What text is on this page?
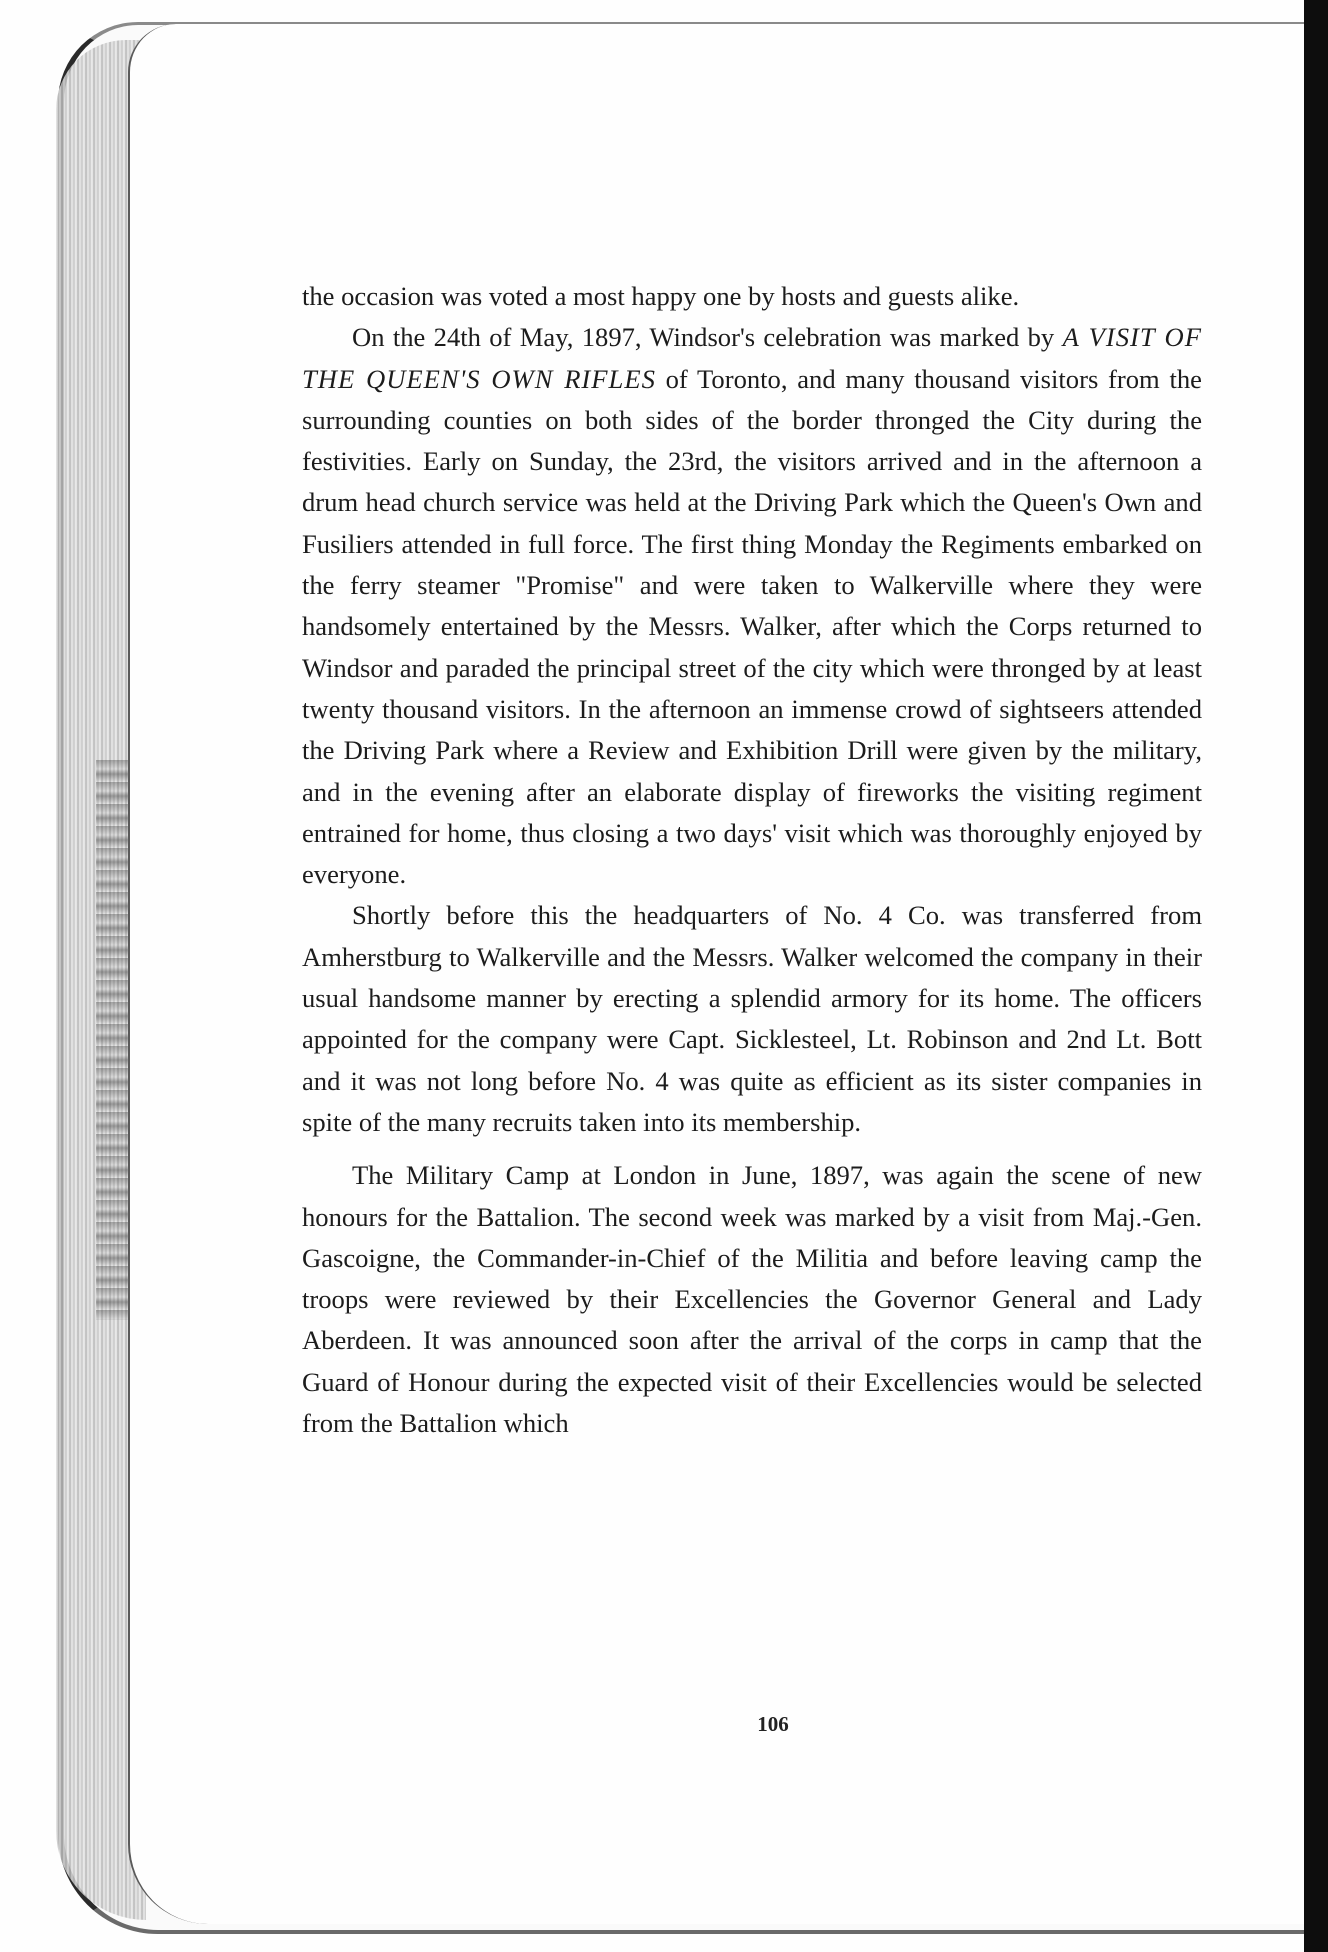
the occasion was voted a most happy one by hosts and guests alike.

On the 24th of May, 1897, Windsor's celebration was marked by A VISIT OF THE QUEEN'S OWN RIFLES of Toronto, and many thousand visitors from the surrounding counties on both sides of the border thronged the City during the festivities. Early on Sunday, the 23rd, the visitors arrived and in the afternoon a drum head church service was held at the Driving Park which the Queen's Own and Fusiliers attended in full force. The first thing Monday the Regiments embarked on the ferry steamer "Promise" and were taken to Walkerville where they were handsomely entertained by the Messrs. Walker, after which the Corps returned to Windsor and paraded the principal street of the city which were thronged by at least twenty thousand visitors. In the afternoon an immense crowd of sightseers attended the Driving Park where a Review and Exhibition Drill were given by the military, and in the evening after an elaborate display of fireworks the visiting regiment entrained for home, thus closing a two days' visit which was thoroughly enjoyed by everyone.

Shortly before this the headquarters of No. 4 Co. was transferred from Amherstburg to Walkerville and the Messrs. Walker welcomed the company in their usual handsome manner by erecting a splendid armory for its home. The officers appointed for the company were Capt. Sicklesteel, Lt. Robinson and 2nd Lt. Bott and it was not long before No. 4 was quite as efficient as its sister companies in spite of the many recruits taken into its membership.

The Military Camp at London in June, 1897, was again the scene of new honours for the Battalion. The second week was marked by a visit from Maj.-Gen. Gascoigne, the Commander-in-Chief of the Militia and before leaving camp the troops were reviewed by their Excellencies the Governor General and Lady Aberdeen. It was announced soon after the arrival of the corps in camp that the Guard of Honour during the expected visit of their Excellencies would be selected from the Battalion which

106
